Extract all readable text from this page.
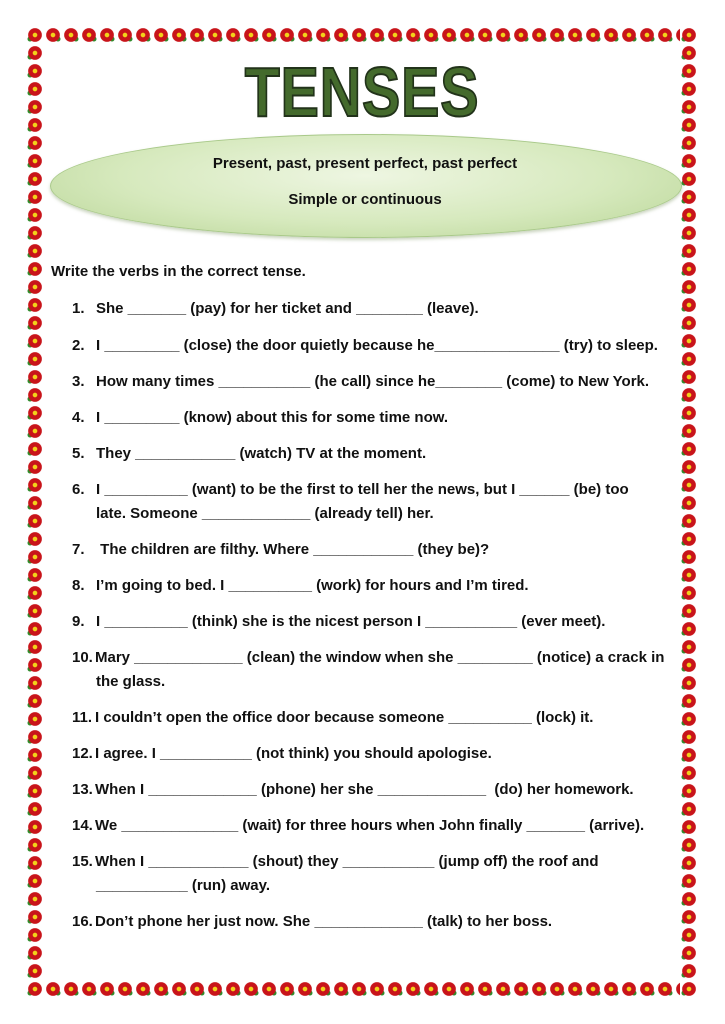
TENSES
Present, past, present perfect, past perfect
Simple or continuous
Write the verbs in the correct tense.
1. She _______ (pay) for her ticket and ________ (leave).
2. I _________ (close) the door quietly because he_______________ (try) to sleep.
3. How many times ___________ (he call) since he________ (come) to New York.
4. I _________ (know) about this for some time now.
5. They ____________ (watch) TV at the moment.
6. I __________ (want) to be the first to tell her the news, but I ______ (be) too
late. Someone _____________ (already tell) her.
7. The children are filthy. Where ____________ (they be)?
8. I’m going to bed. I __________ (work) for hours and I’m tired.
9. I __________ (think) she is the nicest person I ___________ (ever meet).
10. Mary _____________ (clean) the window when she _________ (notice) a crack in
the glass.
11. I couldn’t open the office door because someone __________ (lock) it.
12. I agree. I ___________ (not think) you should apologise.
13. When I _____________ (phone) her she _____________  (do) her homework.
14. We ______________ (wait) for three hours when John finally _______ (arrive).
15. When I ____________ (shout) they ___________ (jump off) the roof and
___________ (run) away.
16. Don’t phone her just now. She _____________ (talk) to her boss.
